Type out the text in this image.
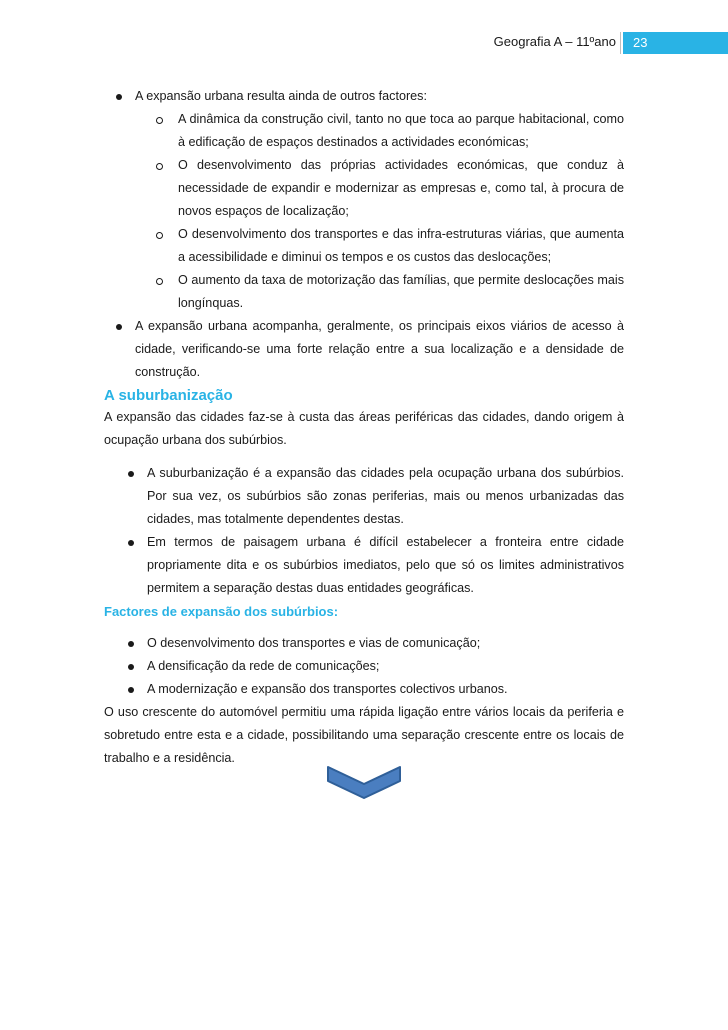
Geografia A – 11ºano	23
A expansão urbana resulta ainda de outros factores:
A dinâmica da construção civil, tanto no que toca ao parque habitacional, como à edificação de espaços destinados a actividades económicas;
O desenvolvimento das próprias actividades económicas, que conduz à necessidade de expandir e modernizar as empresas e, como tal, à procura de novos espaços de localização;
O desenvolvimento dos transportes e das infra-estruturas viárias, que aumenta a acessibilidade e diminui os tempos e os custos das deslocações;
O aumento da taxa de motorização das famílias, que permite deslocações mais longínquas.
A expansão urbana acompanha, geralmente, os principais eixos viários de acesso à cidade, verificando-se uma forte relação entre a sua localização e a densidade de construção.
A suburbanização
A expansão das cidades faz-se à custa das áreas periféricas das cidades, dando origem à ocupação urbana dos subúrbios.
A suburbanização é a expansão das cidades pela ocupação urbana dos subúrbios. Por sua vez, os subúrbios são zonas periferias, mais ou menos urbanizadas das cidades, mas totalmente dependentes destas.
Em termos de paisagem urbana é difícil estabelecer a fronteira entre cidade propriamente dita e os subúrbios imediatos, pelo que só os limites administrativos permitem a separação destas duas entidades geográficas.
Factores de expansão dos subúrbios:
O desenvolvimento dos transportes e vias de comunicação;
A densificação da rede de comunicações;
A modernização e expansão dos transportes colectivos urbanos.
O uso crescente do automóvel permitiu uma rápida ligação entre vários locais da periferia e sobretudo entre esta e a cidade, possibilitando uma separação crescente entre os locais de trabalho e a residência.
